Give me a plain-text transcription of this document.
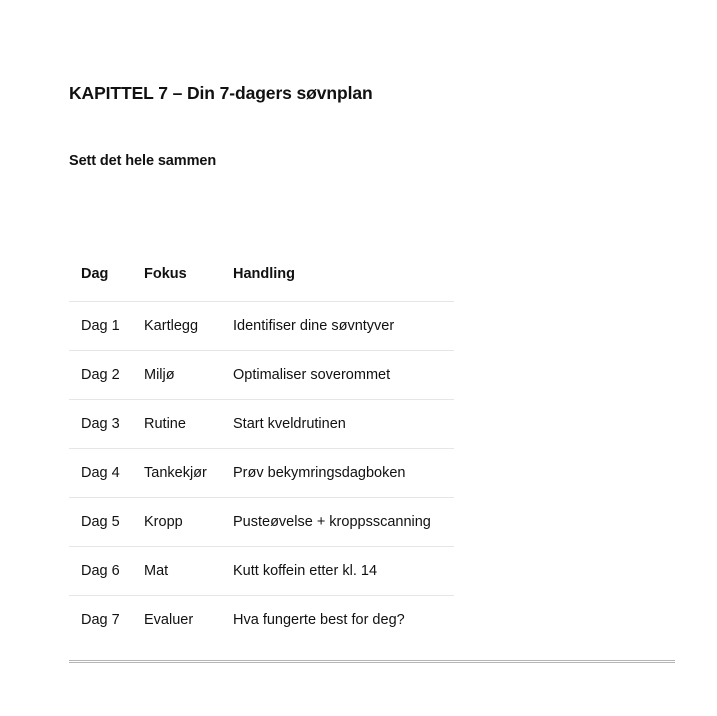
KAPITTEL 7 – Din 7-dagers søvnplan
Sett det hele sammen
Dag	Fokus	Handling
Dag 1	Kartlegg	Identifiser dine søvntyver
Dag 2	Miljø	Optimaliser soverommet
Dag 3	Rutine	Start kveldrutinen
Dag 4	Tankekjør	Prøv bekymringsdagboken
Dag 5	Kropp	Pusteøvelse + kroppsscanning
Dag 6	Mat	Kutt koffein etter kl. 14
Dag 7	Evaluer	Hva fungerte best for deg?
